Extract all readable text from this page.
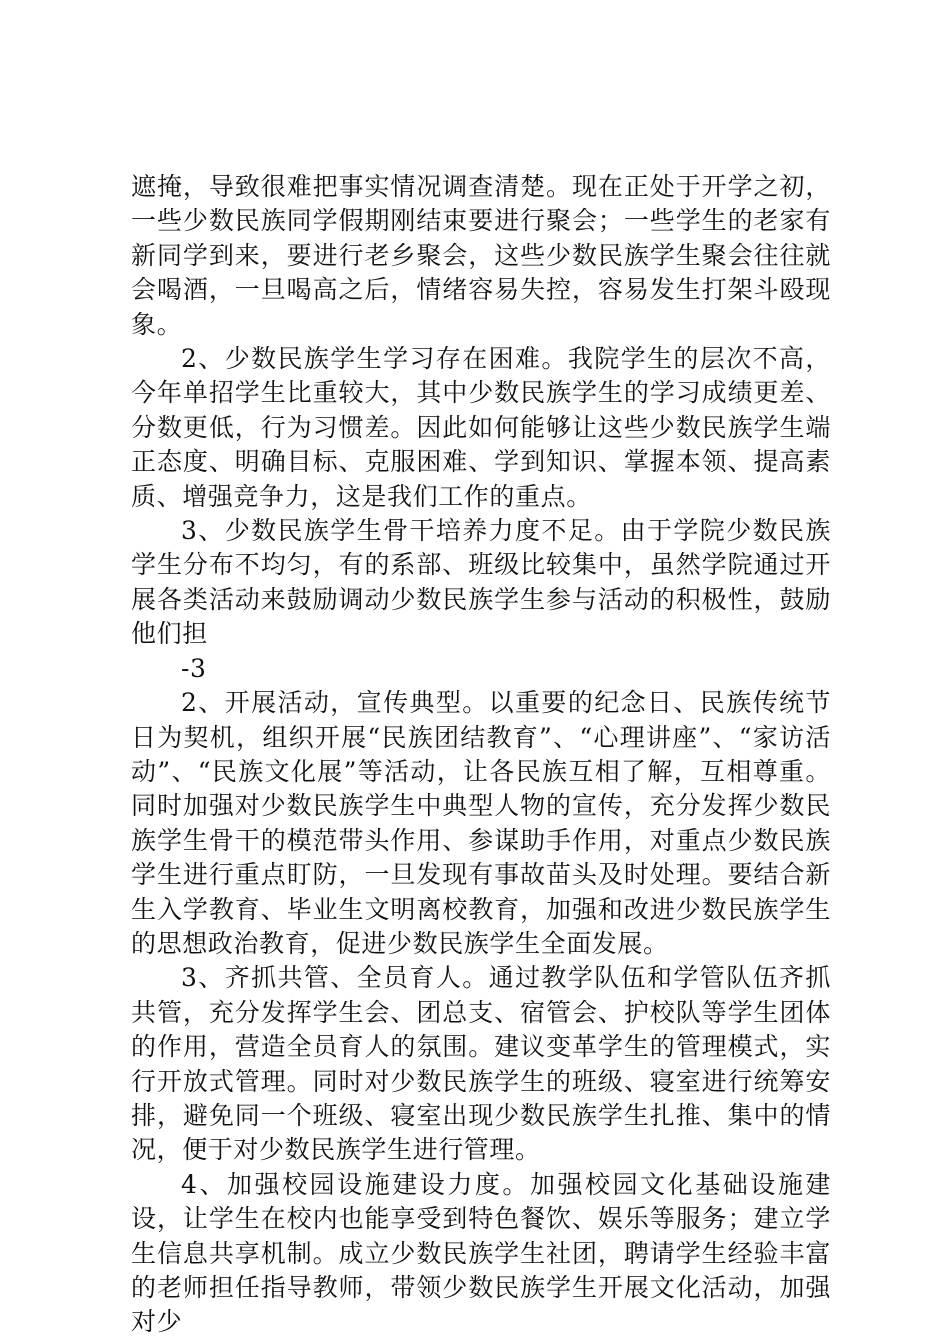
遮掩，导致很难把事实情况调查清楚。现在正处于开学之初，一些少数民族同学假期刚结束要进行聚会；一些学生的老家有新同学到来，要进行老乡聚会，这些少数民族学生聚会往往就会喝酒，一旦喝高之后，情绪容易失控，容易发生打架斗殴现象。

2、少数民族学生学习存在困难。我院学生的层次不高，今年单招学生比重较大，其中少数民族学生的学习成绩更差、分数更低，行为习惯差。因此如何能够让这些少数民族学生端正态度、明确目标、克服困难、学到知识、掌握本领、提高素质、增强竞争力，这是我们工作的重点。

3、少数民族学生骨干培养力度不足。由于学院少数民族学生分布不均匀，有的系部、班级比较集中，虽然学院通过开展各类活动来鼓励调动少数民族学生参与活动的积极性，鼓励他们担

-3

2、开展活动，宣传典型。以重要的纪念日、民族传统节日为契机，组织开展“民族团结教育”、“心理讲座”、“家访活动”、“民族文化展”等活动，让各民族互相了解，互相尊重。同时加强对少数民族学生中典型人物的宣传，充分发挥少数民族学生骨干的模范带头作用、参谋助手作用，对重点少数民族学生进行重点盯防，一旦发现有事故苗头及时处理。要结合新生入学教育、毕业生文明离校教育，加强和改进少数民族学生的思想政治教育，促进少数民族学生全面发展。

3、齐抓共管、全员育人。通过教学队伍和学管队伍齐抓共管，充分发挥学生会、团总支、宿管会、护校队等学生团体的作用，营造全员育人的氛围。建议变革学生的管理模式，实行开放式管理。同时对少数民族学生的班级、寝室进行统筹安排，避免同一个班级、寝室出现少数民族学生扎推、集中的情况，便于对少数民族学生进行管理。

4、加强校园设施建设力度。加强校园文化基础设施建设，让学生在校内也能享受到特色餐饮、娱乐等服务；建立学生信息共享机制。成立少数民族学生社团，聘请学生经验丰富的老师担任指导教师，带领少数民族学生开展文化活动，加强对少
